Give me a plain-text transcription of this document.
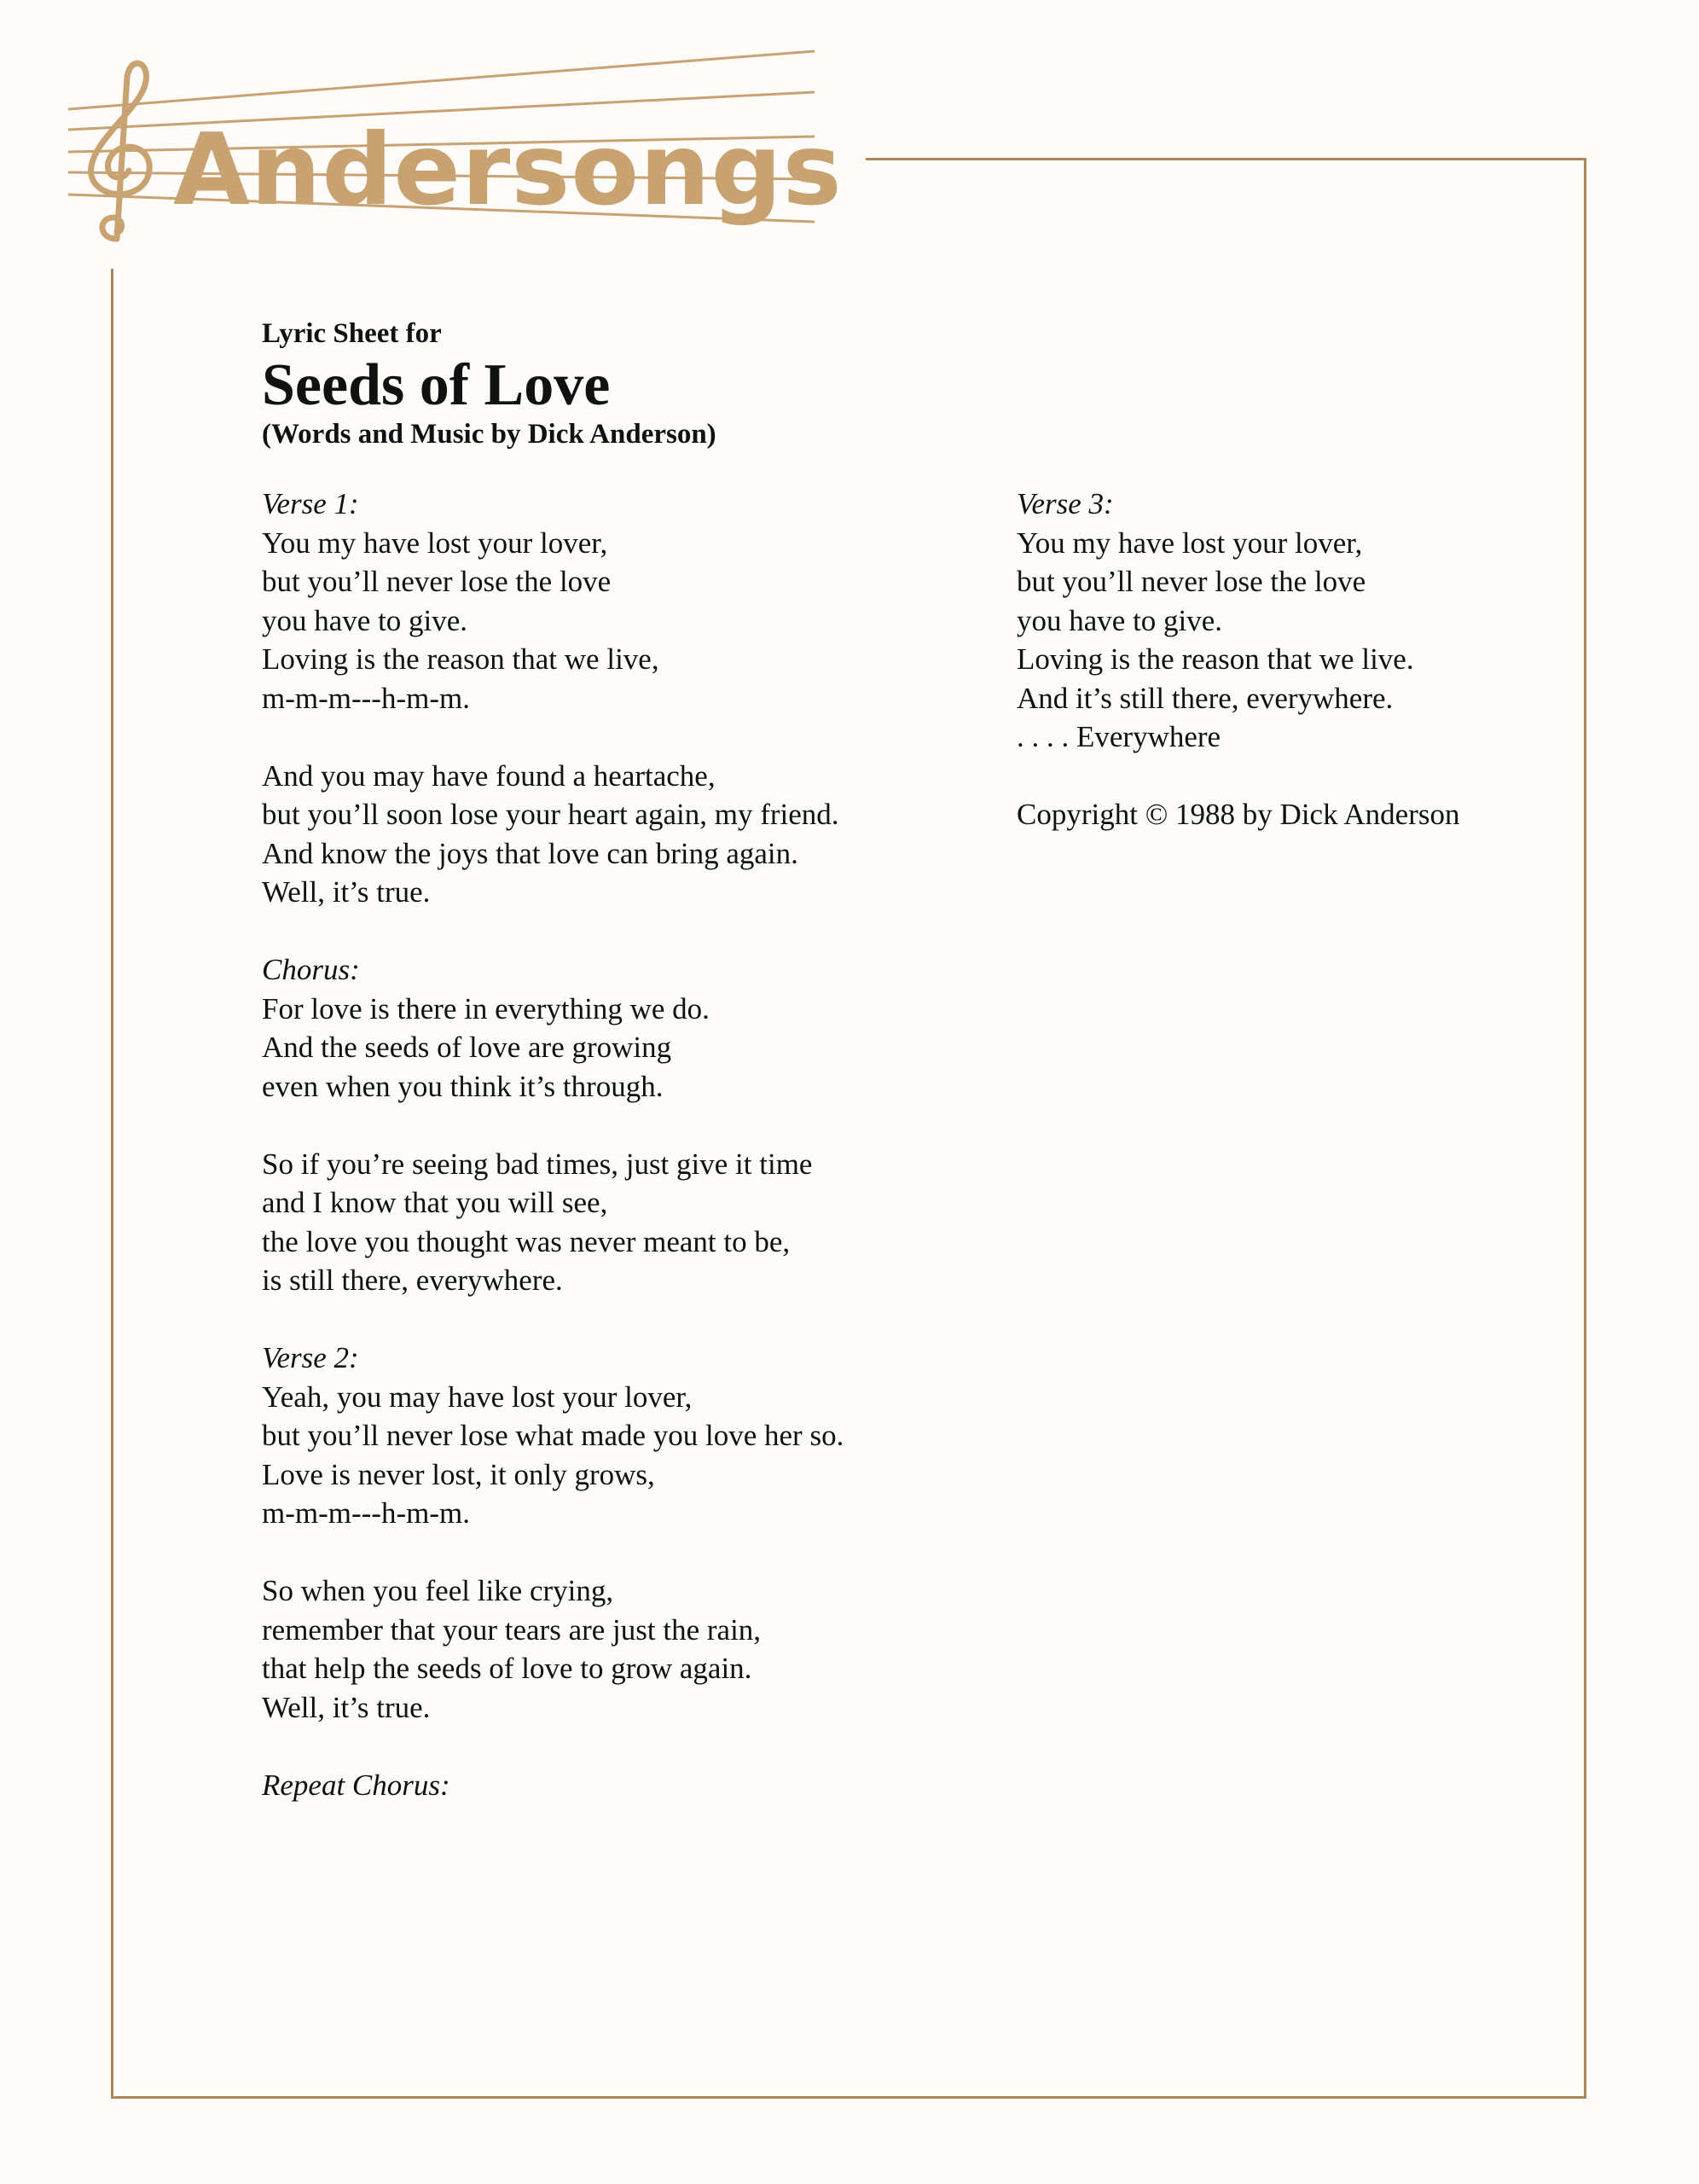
Andersongs
Lyric Sheet for
Seeds of Love
(Words and Music by Dick Anderson)
Verse 1:
You my have lost your lover,
but you’ll never lose the love
you have to give.
Loving is the reason that we live,
m-m-m---h-m-m.
And you may have found a heartache,
but you’ll soon lose your heart again, my friend.
And know the joys that love can bring again.
Well, it’s true.
Chorus:
For love is there in everything we do.
And the seeds of love are growing
even when you think it’s through.
So if you’re seeing bad times, just give it time
and I know that you will see,
the love you thought was never meant to be,
is still there, everywhere.
Verse 2:
Yeah, you may have lost your lover,
but you’ll never lose what made you love her so.
Love is never lost, it only grows,
m-m-m---h-m-m.
So when you feel like crying,
remember that your tears are just the rain,
that help the seeds of love to grow again.
Well, it’s true.
Repeat Chorus:
Verse 3:
You my have lost your lover,
but you’ll never lose the love
you have to give.
Loving is the reason that we live.
And it’s still there, everywhere.
. . . . Everywhere
Copyright © 1988 by Dick Anderson
